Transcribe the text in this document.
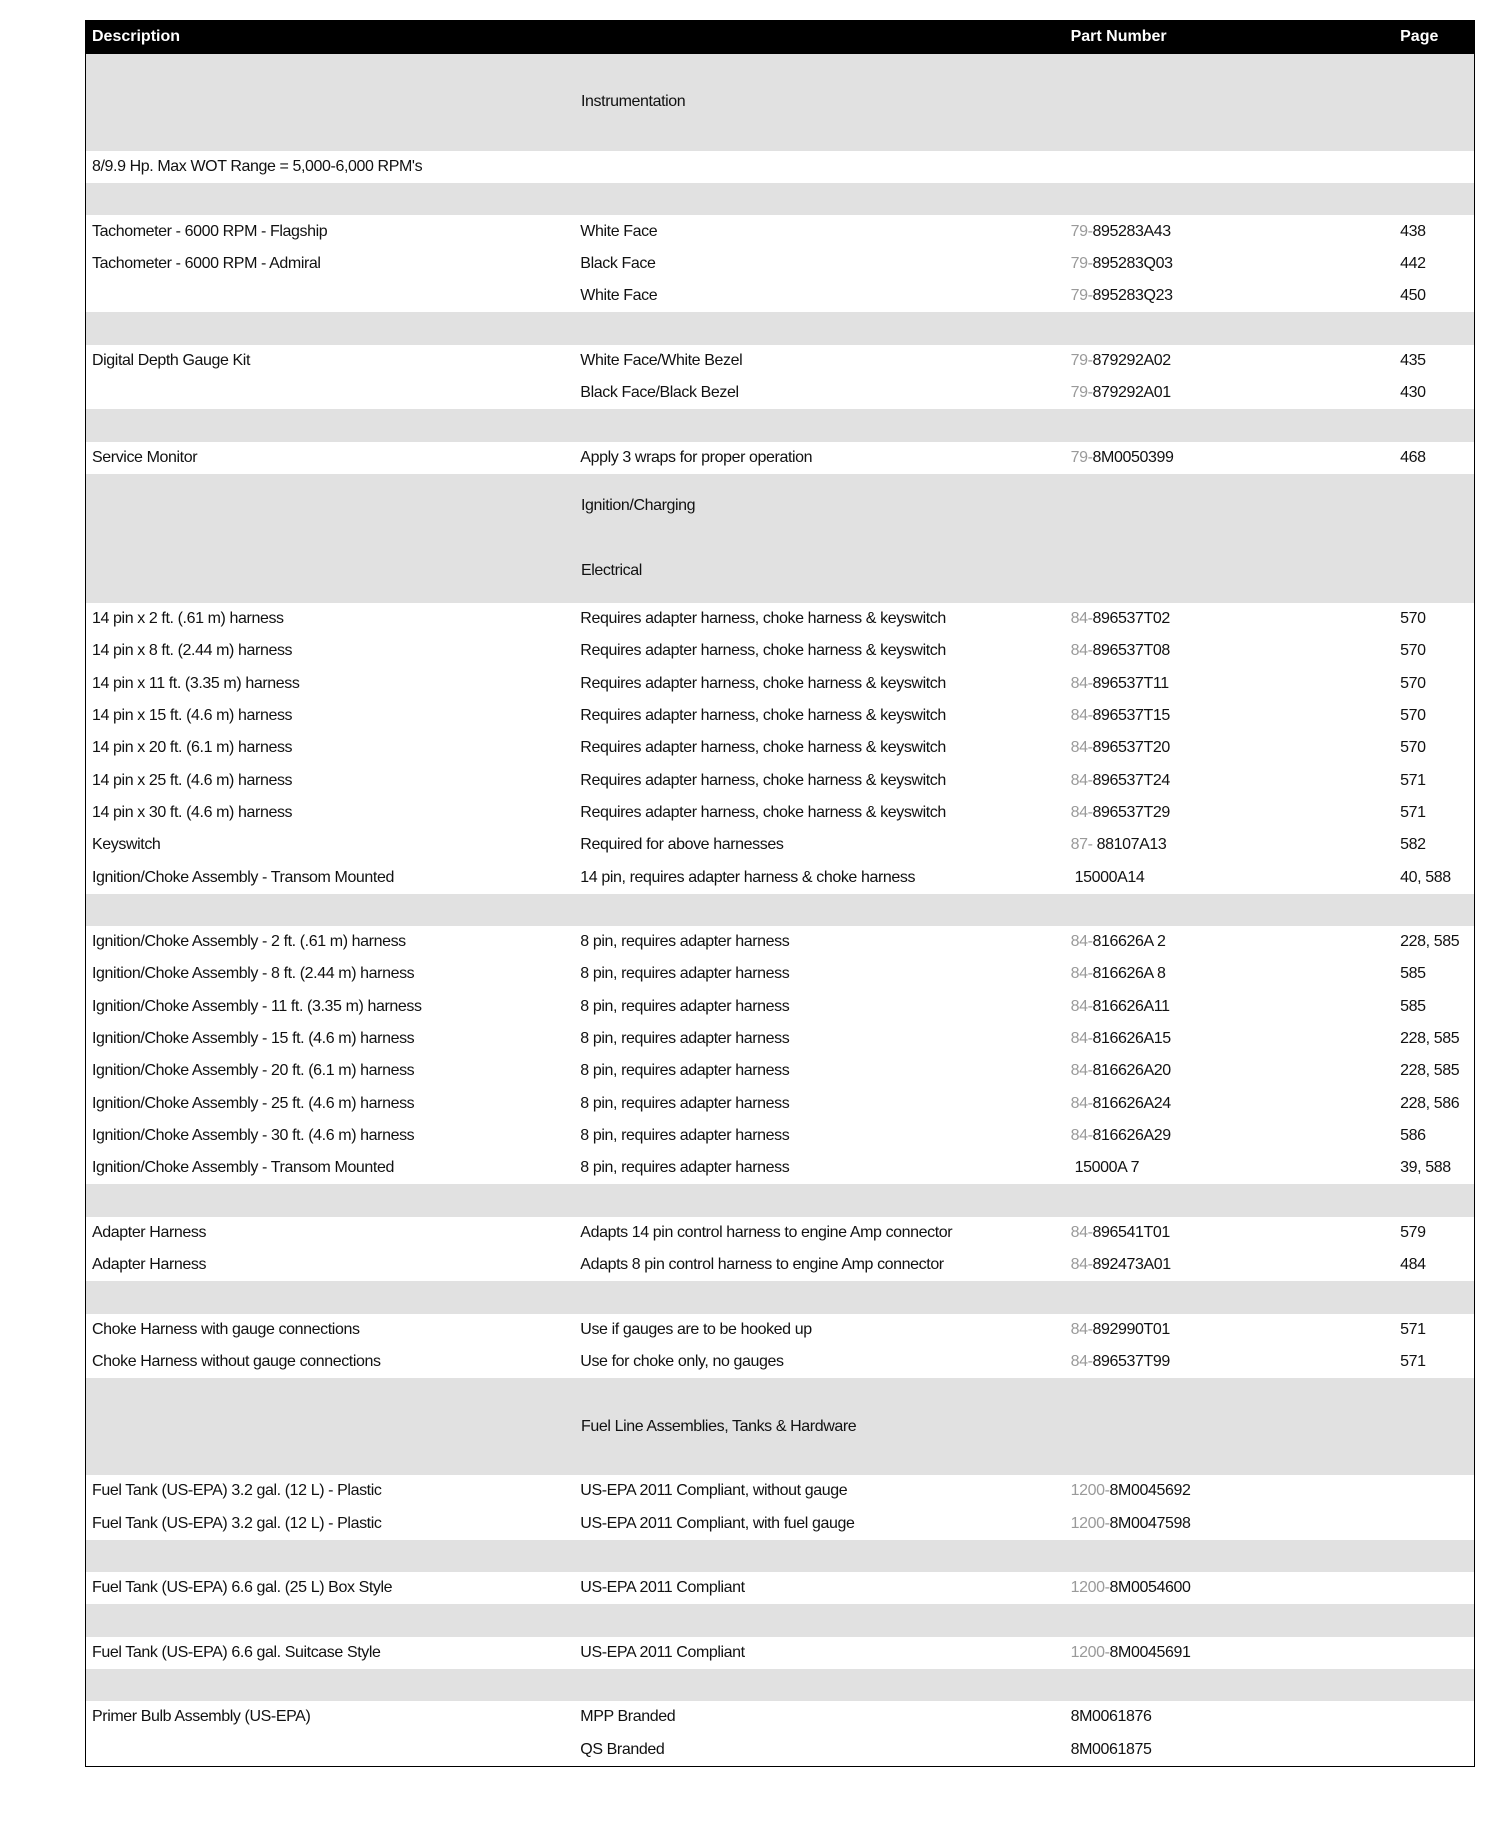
Description	Part Number	Page
Instrumentation
8/9.9 Hp. Max WOT Range = 5,000-6,000 RPM's
Tachometer - 6000 RPM - Flagship	White Face	79-895283A43	438
Tachometer - 6000 RPM - Admiral	Black Face	79-895283Q03	442
White Face	79-895283Q23	450
Digital Depth Gauge Kit	White Face/White Bezel	79-879292A02	435
Black Face/Black Bezel	79-879292A01	430
Service Monitor	Apply 3 wraps for proper operation	79-8M0050399	468
Ignition/Charging
Electrical
14 pin x 2 ft. (.61 m) harness	Requires adapter harness, choke harness & keyswitch	84-896537T02	570
14 pin x 8 ft. (2.44 m) harness	Requires adapter harness, choke harness & keyswitch	84-896537T08	570
14 pin x 11 ft. (3.35 m) harness	Requires adapter harness, choke harness & keyswitch	84-896537T11	570
14 pin x 15 ft. (4.6 m) harness	Requires adapter harness, choke harness & keyswitch	84-896537T15	570
14 pin x 20 ft. (6.1 m) harness	Requires adapter harness, choke harness & keyswitch	84-896537T20	570
14 pin x 25 ft. (4.6 m) harness	Requires adapter harness, choke harness & keyswitch	84-896537T24	571
14 pin x 30 ft. (4.6 m) harness	Requires adapter harness, choke harness & keyswitch	84-896537T29	571
Keyswitch	Required for above harnesses	87- 88107A13	582
Ignition/Choke Assembly - Transom Mounted	14 pin, requires adapter harness & choke harness	15000A14	40, 588
Ignition/Choke Assembly - 2 ft. (.61 m) harness	8 pin, requires adapter harness	84-816626A 2	228, 585
Ignition/Choke Assembly - 8 ft. (2.44 m) harness	8 pin, requires adapter harness	84-816626A 8	585
Ignition/Choke Assembly - 11 ft. (3.35 m) harness	8 pin, requires adapter harness	84-816626A11	585
Ignition/Choke Assembly - 15 ft. (4.6 m) harness	8 pin, requires adapter harness	84-816626A15	228, 585
Ignition/Choke Assembly - 20 ft. (6.1 m) harness	8 pin, requires adapter harness	84-816626A20	228, 585
Ignition/Choke Assembly - 25 ft. (4.6 m) harness	8 pin, requires adapter harness	84-816626A24	228, 586
Ignition/Choke Assembly - 30 ft. (4.6 m) harness	8 pin, requires adapter harness	84-816626A29	586
Ignition/Choke Assembly - Transom Mounted	8 pin, requires adapter harness	15000A 7	39, 588
Adapter Harness	Adapts 14 pin control harness to engine Amp connector	84-896541T01	579
Adapter Harness	Adapts 8 pin control harness to engine Amp connector	84-892473A01	484
Choke Harness with gauge connections	Use if gauges are to be hooked up	84-892990T01	571
Choke Harness without gauge connections	Use for choke only, no gauges	84-896537T99	571
Fuel Line Assemblies, Tanks & Hardware
Fuel Tank (US-EPA) 3.2 gal. (12 L) - Plastic	US-EPA 2011 Compliant, without gauge	1200-8M0045692
Fuel Tank (US-EPA) 3.2 gal. (12 L) - Plastic	US-EPA 2011 Compliant, with fuel gauge	1200-8M0047598
Fuel Tank (US-EPA) 6.6 gal. (25 L) Box Style	US-EPA 2011 Compliant	1200-8M0054600
Fuel Tank (US-EPA) 6.6 gal. Suitcase Style	US-EPA 2011 Compliant	1200-8M0045691
Primer Bulb Assembly (US-EPA)	MPP Branded	8M0061876
QS Branded	8M0061875
